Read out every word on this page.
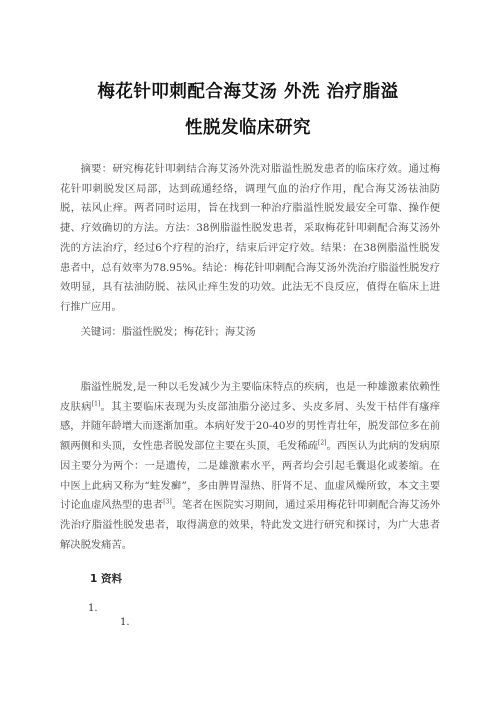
梅花针叩刺配合海艾汤 外洗 治疗脂溢
性脱发临床研究

摘要：研究梅花针叩刺结合海艾汤外洗对脂溢性脱发患者的临床疗效。通过梅花针叩刺脱发区局部，达到疏通经络，调理气血的治疗作用，配合海艾汤祛油防脱，祛风止痒。两者同时运用，旨在找到一种治疗脂溢性脱发最安全可靠、操作便捷、疗效确切的方法。方法：38例脂溢性脱发患者，采取梅花针叩刺配合海艾汤外洗的方法治疗，经过6个疗程的治疗，结束后评定疗效。结果：在38例脂溢性脱发患者中，总有效率为78.95%。结论：梅花针叩刺配合海艾汤外洗治疗脂溢性脱发疗效明显，具有祛油防脱、祛风止痒生发的功效。此法无不良反应，值得在临床上进行推广应用。

关键词：脂溢性脱发；梅花针；海艾汤

脂溢性脱发,是一种以毛发减少为主要临床特点的疾病，也是一种雄激素依赖性皮肤病[1]。其主要临床表现为头皮部油脂分泌过多、头皮多屑、头发干枯伴有瘙痒感，并随年龄增大而逐渐加重。本病好发于20-40岁的男性青壮年，脱发部位多在前额两侧和头顶，女性患者脱发部位主要在头顶，毛发稀疏[2]。西医认为此病的发病原因主要分为两个：一是遗传，二是雄激素水平，两者均会引起毛囊退化或萎缩。在中医上此病又称为“蛀发癣”，多由脾胃湿热、肝肾不足、血虚风燥所致，本文主要讨论血虚风热型的患者[3]。笔者在医院实习期间，通过采用梅花针叩刺配合海艾汤外洗治疗脂溢性脱发患者，取得满意的效果，特此发文进行研究和探讨，为广大患者解决脱发痛苦。

1 资料
1.
1.
